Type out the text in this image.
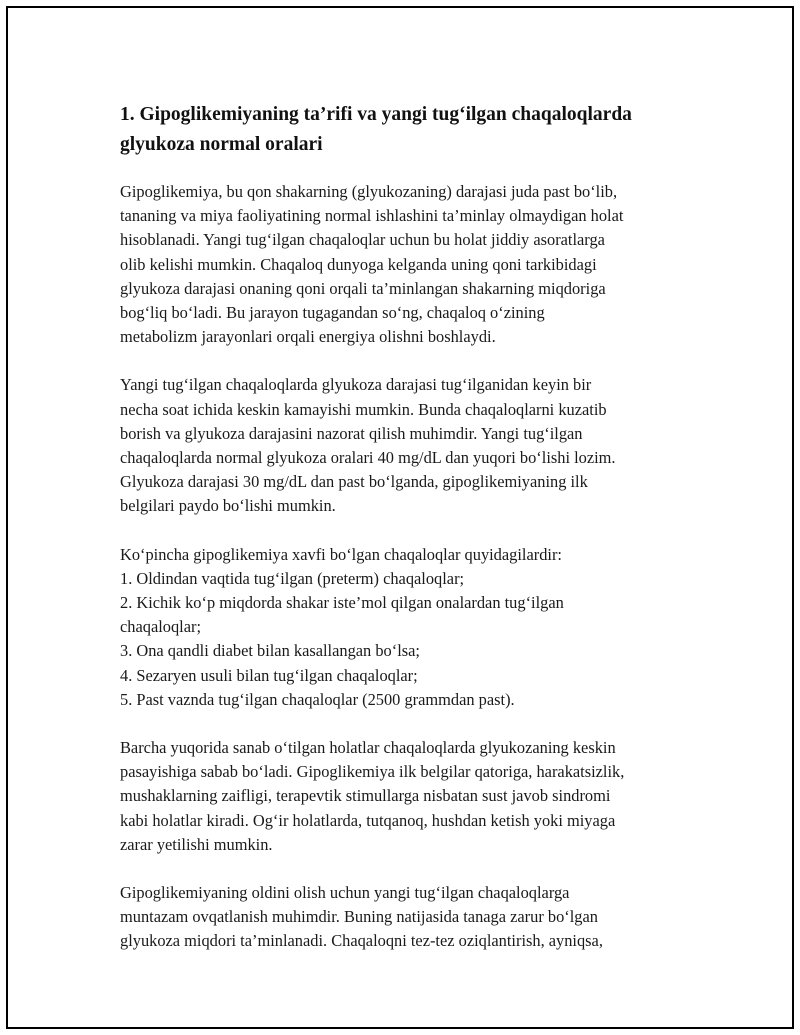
1. Gipoglikemiyaning ta’rifi va yangi tug‘ilgan chaqaloqlarda
glyukoza normal oralari

Gipoglikemiya, bu qon shakarning (glyukozaning) darajasi juda past bo‘lib,
tananing va miya faoliyatining normal ishlashini ta’minlay olmaydigan holat
hisoblanadi. Yangi tug‘ilgan chaqaloqlar uchun bu holat jiddiy asoratlarga
olib kelishi mumkin. Chaqaloq dunyoga kelganda uning qoni tarkibidagi
glyukoza darajasi onaning qoni orqali ta’minlangan shakarning miqdoriga
bog‘liq bo‘ladi. Bu jarayon tugagandan so‘ng, chaqaloq o‘zining
metabolizm jarayonlari orqali energiya olishni boshlaydi.

Yangi tug‘ilgan chaqaloqlarda glyukoza darajasi tug‘ilganidan keyin bir
necha soat ichida keskin kamayishi mumkin. Bunda chaqaloqlarni kuzatib
borish va glyukoza darajasini nazorat qilish muhimdir. Yangi tug‘ilgan
chaqaloqlarda normal glyukoza oralari 40 mg/dL dan yuqori bo‘lishi lozim.
Glyukoza darajasi 30 mg/dL dan past bo‘lganda, gipoglikemiyaning ilk
belgilari paydo bo‘lishi mumkin.

Ko‘pincha gipoglikemiya xavfi bo‘lgan chaqaloqlar quyidagilardir:
1. Oldindan vaqtida tug‘ilgan (preterm) chaqaloqlar;
2. Kichik ko‘p miqdorda shakar iste’mol qilgan onalardan tug‘ilgan
chaqaloqlar;
3. Ona qandli diabet bilan kasallangan bo‘lsa;
4. Sezaryen usuli bilan tug‘ilgan chaqaloqlar;
5. Past vaznda tug‘ilgan chaqaloqlar (2500 grammdan past).

Barcha yuqorida sanab o‘tilgan holatlar chaqaloqlarda glyukozaning keskin
pasayishiga sabab bo‘ladi. Gipoglikemiya ilk belgilar qatoriga, harakatsizlik,
mushaklarning zaifligi, terapevtik stimullarga nisbatan sust javob sindromi
kabi holatlar kiradi. Og‘ir holatlarda, tutqanoq, hushdan ketish yoki miyaga
zarar yetilishi mumkin.

Gipoglikemiyaning oldini olish uchun yangi tug‘ilgan chaqaloqlarga
muntazam ovqatlanish muhimdir. Buning natijasida tanaga zarur bo‘lgan
glyukoza miqdori ta’minlanadi. Chaqaloqni tez-tez oziqlantirish, ayniqsa,
